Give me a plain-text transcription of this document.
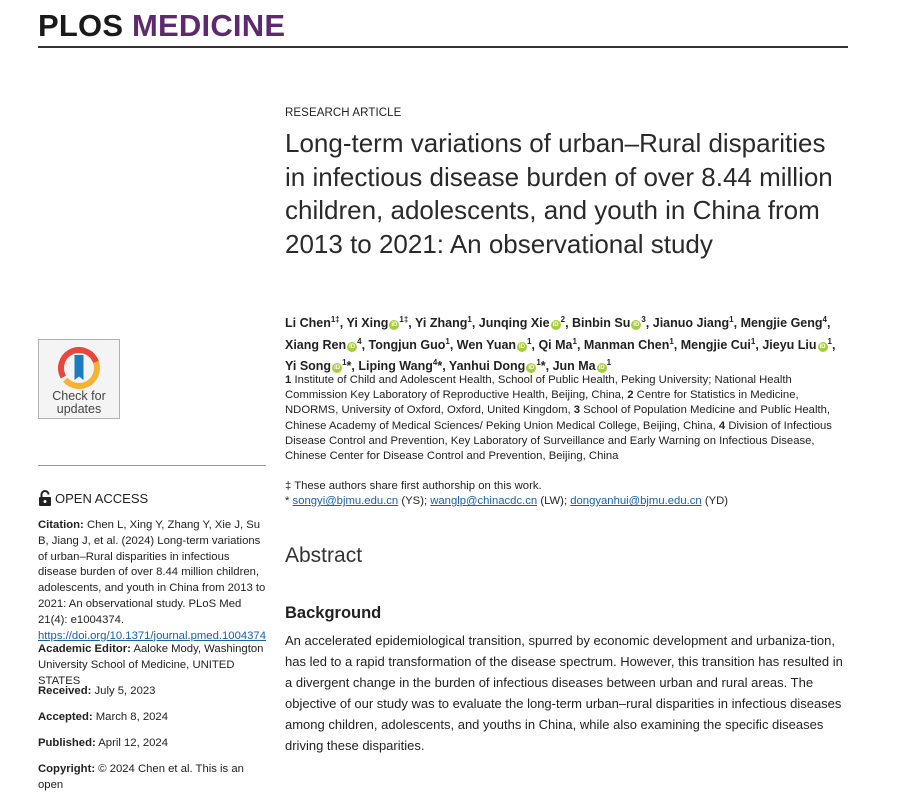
PLOS MEDICINE
Check for
updates
OPEN ACCESS
Citation: Chen L, Xing Y, Zhang Y, Xie J, Su B, Jiang J, et al. (2024) Long-term variations of urban–Rural disparities in infectious disease burden of over 8.44 million children, adolescents, and youth in China from 2013 to 2021: An observational study. PLoS Med 21(4): e1004374. https://doi.org/10.1371/journal.pmed.1004374
Academic Editor: Aaloke Mody, Washington University School of Medicine, UNITED STATES
Received: July 5, 2023
Accepted: March 8, 2024
Published: April 12, 2024
Copyright: © 2024 Chen et al. This is an open
RESEARCH ARTICLE
Long-term variations of urban–Rural disparities in infectious disease burden of over 8.44 million children, adolescents, and youth in China from 2013 to 2021: An observational study
Li Chen$^{1\ddagger}$, Yi Xing $iD^{1\ddagger}$, Yi Zhang$^1$, Junqing Xie $iD^2$, Binbin Su $iD^3$, Jianuo Jiang$^1$, Mengjie Geng$^4$, Xiang Ren $iD^4$, Tongjun Guo$^1$, Wen Yuan $iD^1$, Qi Ma$^1$, Manman Chen$^1$, Mengjie Cui$^1$, Jieyu Liu $iD^1$, Yi Song $iD^1*$, Liping Wang$^4$*, Yanhui Dong $iD^1*$, Jun Ma $iD^1$
1 Institute of Child and Adolescent Health, School of Public Health, Peking University; National Health Commission Key Laboratory of Reproductive Health, Beijing, China, 2 Centre for Statistics in Medicine, NDORMS, University of Oxford, Oxford, United Kingdom, 3 School of Population Medicine and Public Health, Chinese Academy of Medical Sciences/ Peking Union Medical College, Beijing, China, 4 Division of Infectious Disease Control and Prevention, Key Laboratory of Surveillance and Early Warning on Infectious Disease, Chinese Center for Disease Control and Prevention, Beijing, China
‡ These authors share first authorship on this work.
* songyi@bjmu.edu.cn (YS); wanglp@chinacdc.cn (LW); dongyanhui@bjmu.edu.cn (YD)
Abstract
Background
An accelerated epidemiological transition, spurred by economic development and urbaniza-tion, has led to a rapid transformation of the disease spectrum. However, this transition has resulted in a divergent change in the burden of infectious diseases between urban and rural areas. The objective of our study was to evaluate the long-term urban–rural disparities in infectious diseases among children, adolescents, and youths in China, while also examining the specific diseases driving these disparities.
